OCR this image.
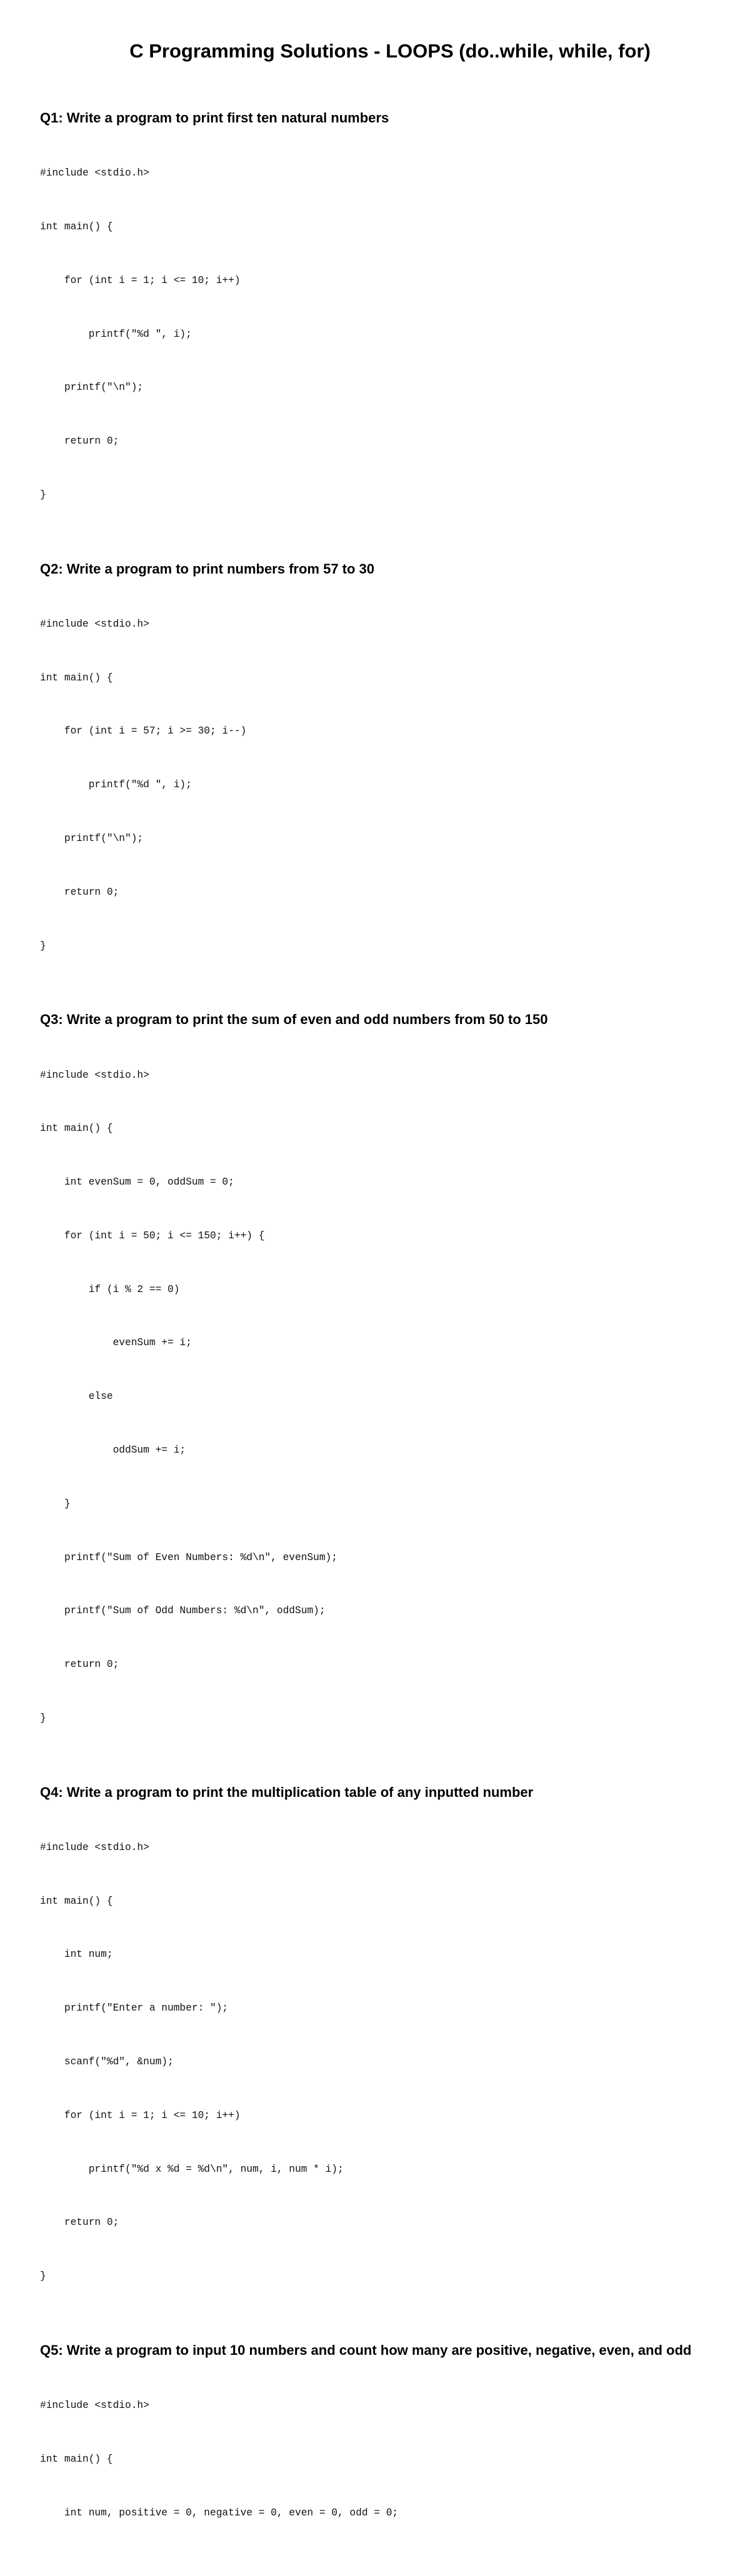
C Programming Solutions - LOOPS (do..while, while, for)
Q1: Write a program to print first ten natural numbers

#include <stdio.h>

int main() {

for (int i = 1; i <= 10; i++)

printf("%d ", i);

printf("\n");

return 0;

}

Q2: Write a program to print numbers from 57 to 30

#include <stdio.h>

int main() {

for (int i = 57; i >= 30; i--)

printf("%d ", i);

printf("\n");

return 0;

}

Q3: Write a program to print the sum of even and odd numbers from 50 to 150

#include <stdio.h>

int main() {

int evenSum = 0, oddSum = 0;

for (int i = 50; i <= 150; i++) {

if (i % 2 == 0)

evenSum += i;

else

oddSum += i;

}

printf("Sum of Even Numbers: %d\n", evenSum);

printf("Sum of Odd Numbers: %d\n", oddSum);

return 0;

}

Q4: Write a program to print the multiplication table of any inputted number

#include <stdio.h>

int main() {

int num;

printf("Enter a number: ");

scanf("%d", &num);

for (int i = 1; i <= 10; i++)

printf("%d x %d = %d\n", num, i, num * i);

return 0;

}

Q5: Write a program to input 10 numbers and count how many are positive, negative, even, and odd

#include <stdio.h>

int main() {

int num, positive = 0, negative = 0, even = 0, odd = 0;
